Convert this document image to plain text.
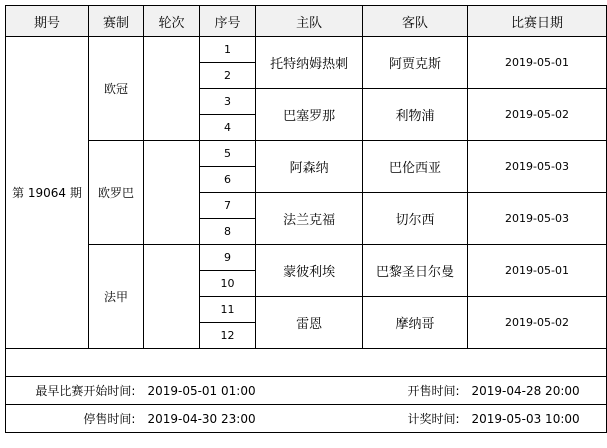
期号	赛制	轮次	序号	主队	客队	比赛日期
第 19064 期	欧冠		1	托特纳姆热刺	阿贾克斯	2019-05-01
			2			
			3	巴塞罗那	利物浦	2019-05-02
			4			
	欧罗巴		5	阿森纳	巴伦西亚	2019-05-03
			6			
			7	法兰克福	切尔西	2019-05-03
			8			
	法甲		9	蒙彼利埃	巴黎圣日尔曼	2019-05-01
			10			
			11	雷恩	摩纳哥	2019-05-02
			12			

最早比赛开始时间:		2019-05-01 01:00		开售时间:		2019-04-28 20:00
停售时间:		2019-04-30 23:00		计奖时间:		2019-05-03 10:00
